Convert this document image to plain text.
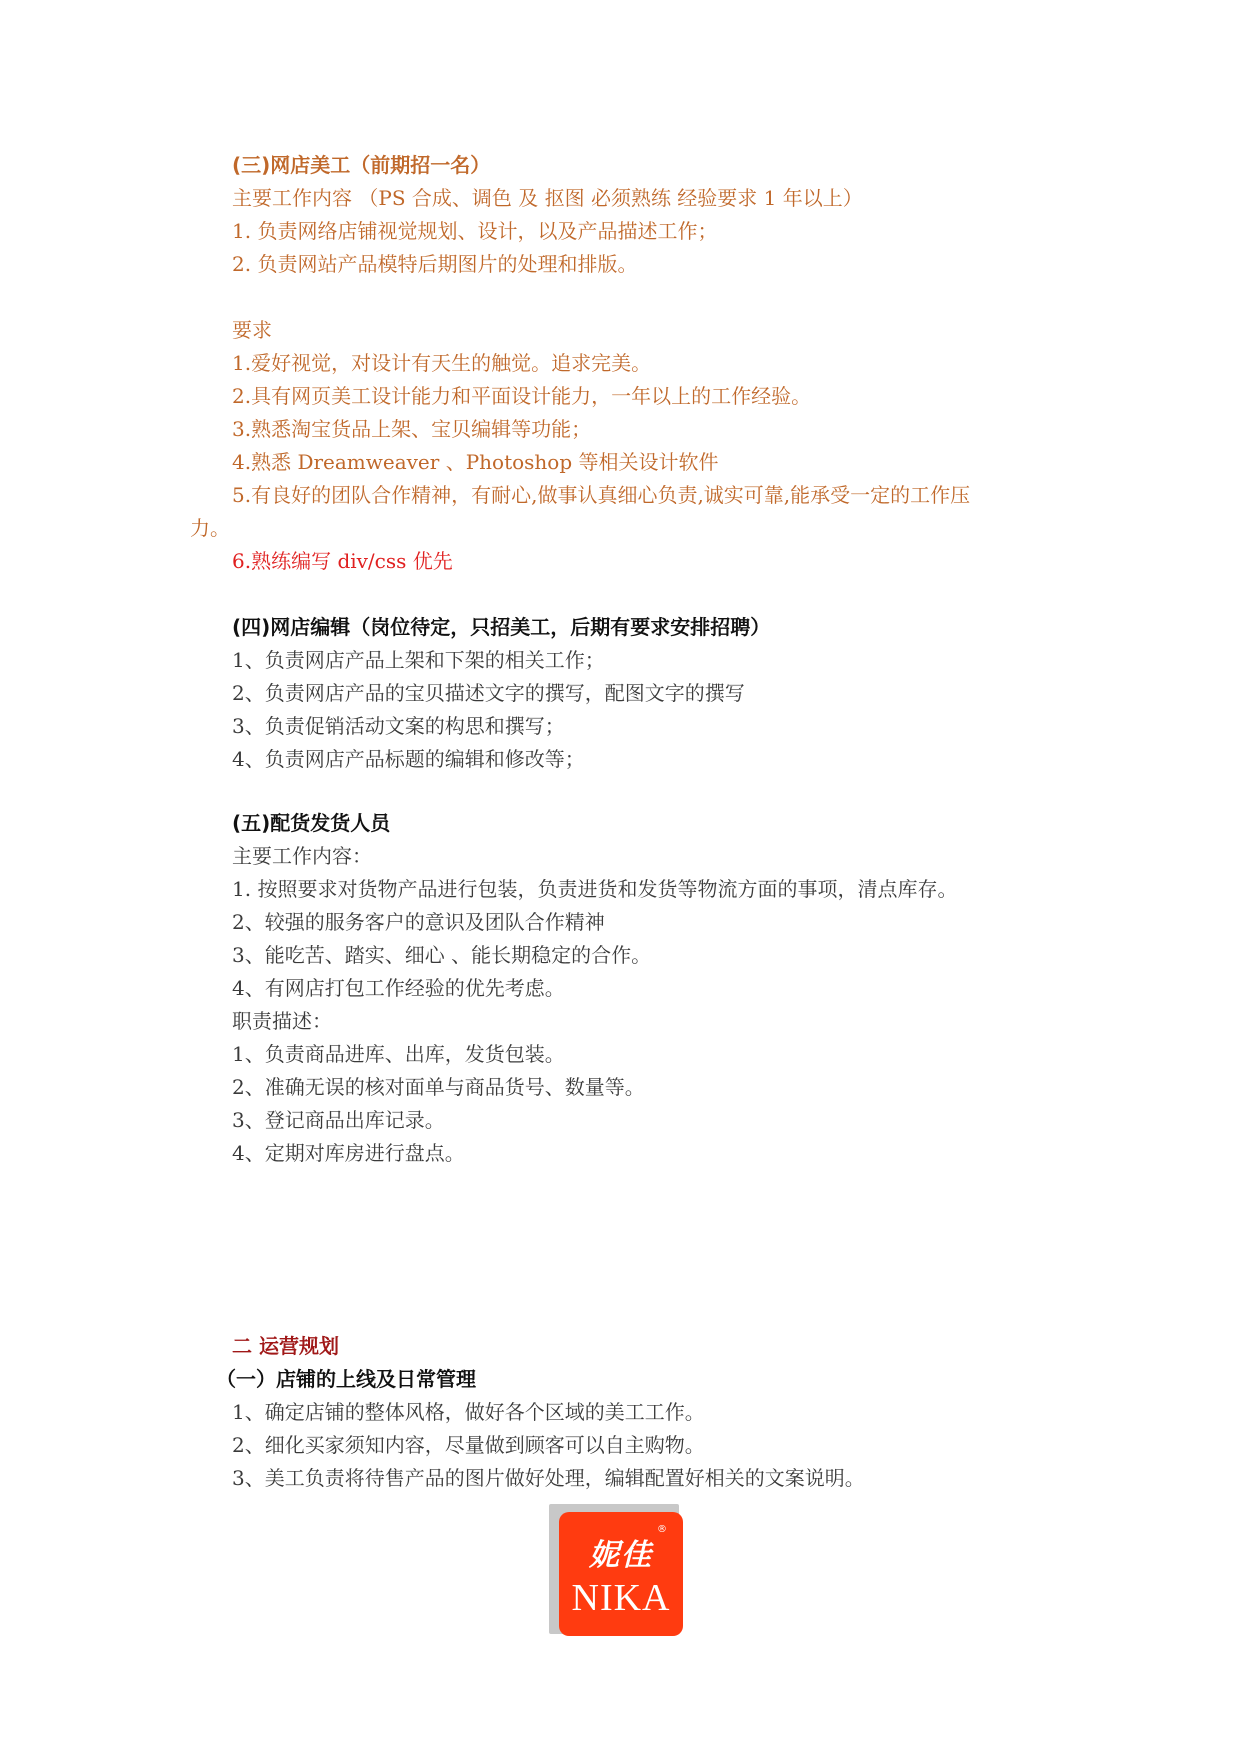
(三)网店美工（前期招一名）
主要工作内容 （PS 合成、调色 及 抠图 必须熟练 经验要求 1 年以上）
1. 负责网络店铺视觉规划、设计，以及产品描述工作；
2. 负责网站产品模特后期图片的处理和排版。
要求
1.爱好视觉，对设计有天生的触觉。追求完美。
2.具有网页美工设计能力和平面设计能力，一年以上的工作经验。
3.熟悉淘宝货品上架、宝贝编辑等功能；
4.熟悉 Dreamweaver 、Photoshop 等相关设计软件
5.有良好的团队合作精神，有耐心,做事认真细心负责,诚实可靠,能承受一定的工作压
力。
6.熟练编写 div/css 优先
(四)网店编辑（岗位待定，只招美工，后期有要求安排招聘）
1、负责网店产品上架和下架的相关工作；
2、负责网店产品的宝贝描述文字的撰写，配图文字的撰写
3、负责促销活动文案的构思和撰写；
4、负责网店产品标题的编辑和修改等；
(五)配货发货人员
主要工作内容：
1. 按照要求对货物产品进行包装，负责进货和发货等物流方面的事项，清点库存。
2、较强的服务客户的意识及团队合作精神
3、能吃苦、踏实、细心 、能长期稳定的合作。
4、有网店打包工作经验的优先考虑。
职责描述：
1、负责商品进库、出库，发货包装。
2、准确无误的核对面单与商品货号、数量等。
3、登记商品出库记录。
4、定期对库房进行盘点。
二 运营规划
（一）店铺的上线及日常管理
1、确定店铺的整体风格，做好各个区域的美工工作。
2、细化买家须知内容，尽量做到顾客可以自主购物。
3、美工负责将待售产品的图片做好处理，编辑配置好相关的文案说明。
妮佳
®
NIKA
